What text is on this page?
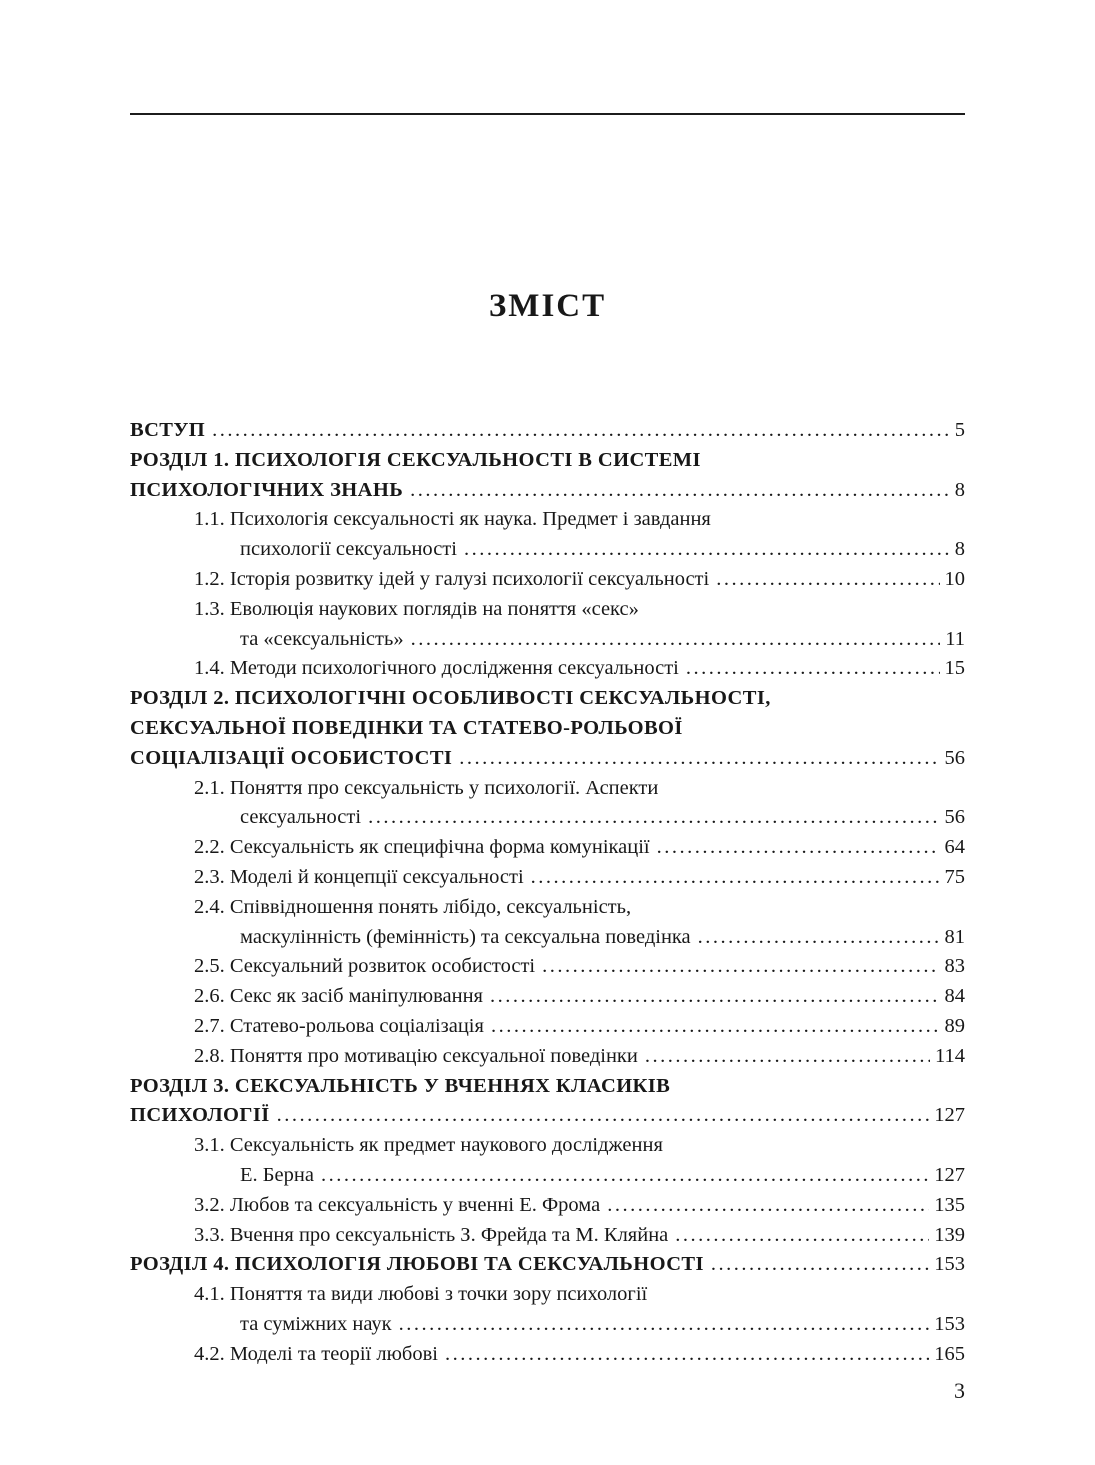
ЗМІСТ
ВСТУП .....	5
РОЗДІЛ 1. ПСИХОЛОГІЯ СЕКСУАЛЬНОСТІ В СИСТЕМІ
ПСИХОЛОГІЧНИХ ЗНАНЬ .....	8
1.1. Психологія сексуальності як наука. Предмет і завдання
психології сексуальності .....	8
1.2. Історія розвитку ідей у галузі психології сексуальності .....	10
1.3. Еволюція наукових поглядів на поняття «секс»
та «сексуальність» .....	11
1.4. Методи психологічного дослідження сексуальності .....	15
РОЗДІЛ 2. ПСИХОЛОГІЧНІ ОСОБЛИВОСТІ СЕКСУАЛЬНОСТІ,
СЕКСУАЛЬНОЇ ПОВЕДІНКИ ТА СТАТЕВО-РОЛЬОВОЇ
СОЦІАЛІЗАЦІЇ ОСОБИСТОСТІ .....	56
2.1. Поняття про сексуальність у психології. Аспекти
сексуальності .....	56
2.2. Сексуальність як специфічна форма комунікації .....	64
2.3. Моделі й концепції сексуальності .....	75
2.4. Співвідношення понять лібідо, сексуальність,
маскулінність (фемінність) та сексуальна поведінка .....	81
2.5. Сексуальний розвиток особистості .....	83
2.6. Секс як засіб маніпулювання .....	84
2.7. Статево-рольова соціалізація .....	89
2.8. Поняття про мотивацію сексуальної поведінки .....	114
РОЗДІЛ 3. СЕКСУАЛЬНІСТЬ У ВЧЕННЯХ КЛАСИКІВ
ПСИХОЛОГІЇ .....	127
3.1. Сексуальність як предмет наукового дослідження
Е. Берна .....	127
3.2. Любов та сексуальність у вченні Е. Фрома .....	135
3.3. Вчення про сексуальність З. Фрейда та М. Кляйна .....	139
РОЗДІЛ 4. ПСИХОЛОГІЯ ЛЮБОВІ ТА СЕКСУАЛЬНОСТІ .....	153
4.1. Поняття та види любові з точки зору психології
та суміжних наук .....	153
4.2. Моделі та теорії любові .....	165
3
